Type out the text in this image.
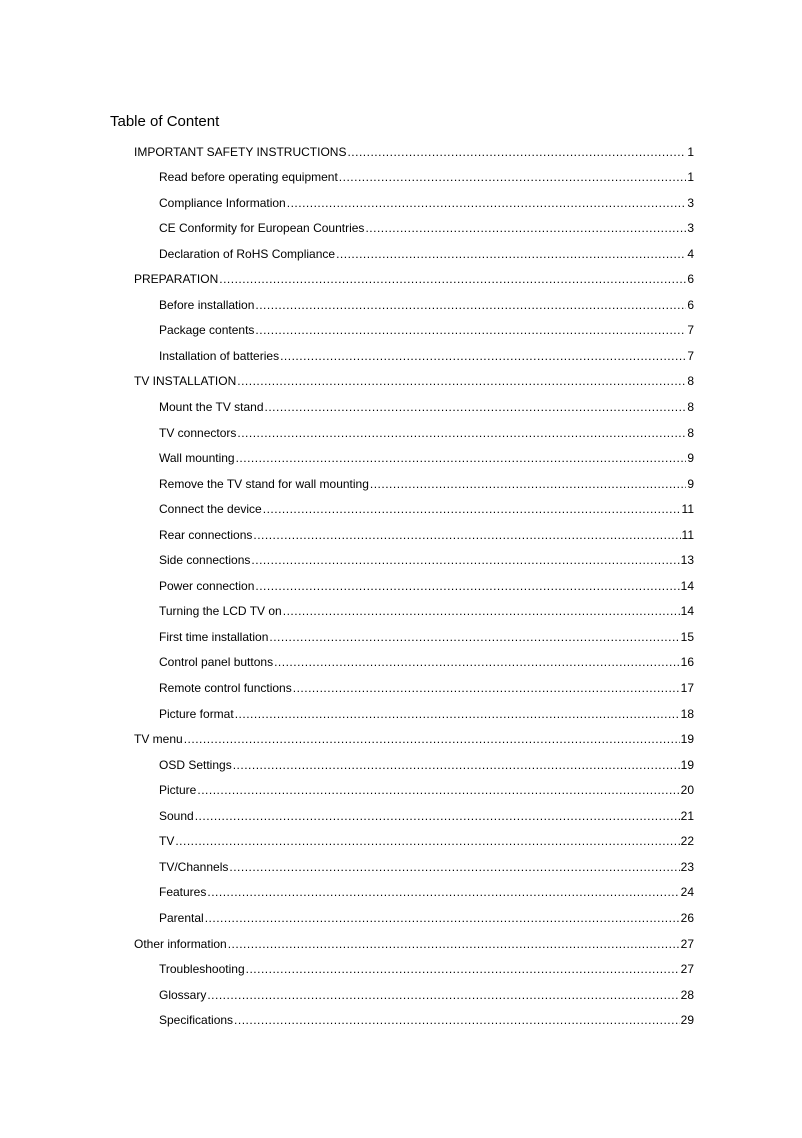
Table of Content
IMPORTANT SAFETY INSTRUCTIONS .....	1
Read before operating equipment .....	1
Compliance Information .....	3
CE Conformity for European Countries .....	3
Declaration of RoHS Compliance .....	4
PREPARATION .....	6
Before installation .....	6
Package contents .....	7
Installation of batteries .....	7
TV INSTALLATION .....	8
Mount the TV stand .....	8
TV connectors .....	8
Wall mounting .....	9
Remove the TV stand for wall mounting .....	9
Connect the device .....	11
Rear connections .....	11
Side connections .....	13
Power connection .....	14
Turning the LCD TV on .....	14
First time installation .....	15
Control panel buttons .....	16
Remote control functions .....	17
Picture format .....	18
TV menu .....	19
OSD Settings .....	19
Picture .....	20
Sound .....	21
TV .....	22
TV/Channels .....	23
Features .....	24
Parental .....	26
Other information .....	27
Troubleshooting .....	27
Glossary .....	28
Specifications .....	29
